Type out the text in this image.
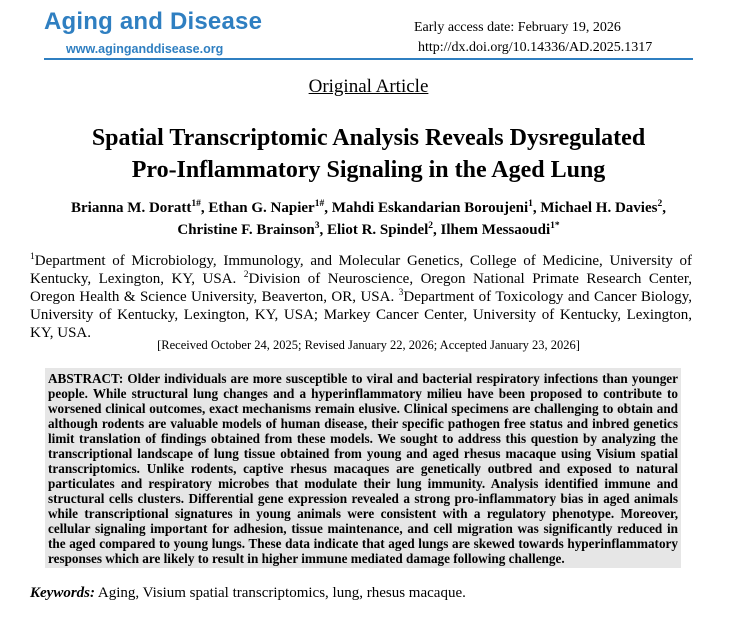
Aging and Disease
www.aginganddisease.org
Early access date: February 19, 2026
http://dx.doi.org/10.14336/AD.2025.1317
Original Article
Spatial Transcriptomic Analysis Reveals Dysregulated
Pro-Inflammatory Signaling in the Aged Lung
Brianna M. Doratt$^{1\#}$, Ethan G. Napier$^{1\#}$, Mahdi Eskandarian Boroujeni$^1$, Michael H. Davies$^2$,
Christine F. Brainson$^3$, Eliot R. Spindel$^2$, Ilhem Messaoudi$^{1*}$
$^1$Department of Microbiology, Immunology, and Molecular Genetics, College of Medicine, University of Kentucky, Lexington, KY, USA. $^2$Division of Neuroscience, Oregon National Primate Research Center, Oregon Health & Science University, Beaverton, OR, USA. $^3$Department of Toxicology and Cancer Biology, University of Kentucky, Lexington, KY, USA; Markey Cancer Center, University of Kentucky, Lexington, KY, USA.
[Received October 24, 2025; Revised January 22, 2026; Accepted January 23, 2026]
ABSTRACT: Older individuals are more susceptible to viral and bacterial respiratory infections than younger people. While structural lung changes and a hyperinflammatory milieu have been proposed to contribute to worsened clinical outcomes, exact mechanisms remain elusive. Clinical specimens are challenging to obtain and although rodents are valuable models of human disease, their specific pathogen free status and inbred genetics limit translation of findings obtained from these models. We sought to address this question by analyzing the transcriptional landscape of lung tissue obtained from young and aged rhesus macaque using Visium spatial transcriptomics. Unlike rodents, captive rhesus macaques are genetically outbred and exposed to natural particulates and respiratory microbes that modulate their lung immunity. Analysis identified immune and structural cells clusters. Differential gene expression revealed a strong pro-inflammatory bias in aged animals while transcriptional signatures in young animals were consistent with a regulatory phenotype. Moreover, cellular signaling important for adhesion, tissue maintenance, and cell migration was significantly reduced in the aged compared to young lungs. These data indicate that aged lungs are skewed towards hyperinflammatory responses which are likely to result in higher immune mediated damage following challenge.
Keywords: Aging, Visium spatial transcriptomics, lung, rhesus macaque.
